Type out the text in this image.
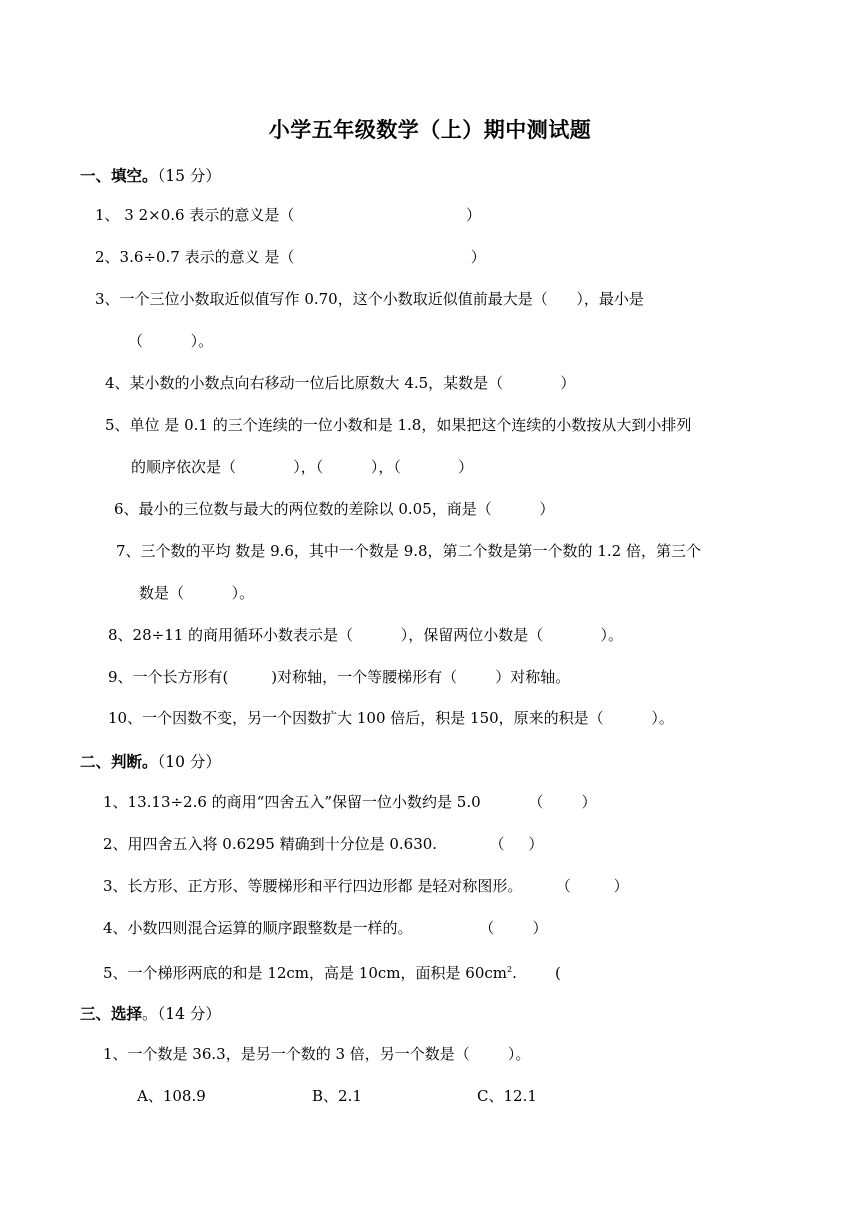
小学五年级数学（上）期中测试题
一、填空。（15 分）
1、 3 2×0.6 表示的意义是（                                    ）
2、3.6÷0.7 表示的意义 是（                                     ）
3、一个三位小数取近似值写作 0.70，这个小数取近似值前最大是（      ），最小是
（          ）。
4、某小数的小数点向右移动一位后比原数大 4.5，某数是（            ）
5、单位 是 0.1 的三个连续的一位小数和是 1.8，如果把这个连续的小数按从大到小排列
的顺序依次是（            ），（          ），（            ）
6、最小的三位数与最大的两位数的差除以 0.05，商是（          ）
7、三个数的平均 数是 9.6，其中一个数是 9.8，第二个数是第一个数的 1.2 倍，第三个
数是（          ）。
8、28÷11 的商用循环小数表示是（          ），保留两位小数是（            ）。
9、一个长方形有(         )对称轴，一个等腰梯形有（        ）对称轴。
10、一个因数不变，另一个因数扩大 100 倍后，积是 150，原来的积是（          ）。
二、判断。（10 分）
1、13.13÷2.6 的商用“四舍五入”保留一位小数约是 5.0          （        ）
2、用四舍五入将 0.6295 精确到十分位是 0.630.           （     ）
3、长方形、正方形、等腰梯形和平行四边形都 是轻对称图形。       （         ）
4、小数四则混合运算的顺序跟整数是一样的。              （        ）
5、一个梯形两底的和是 12cm，高是 10cm，面积是 $60cm^2$.        (
三、选择。（14 分）
1、一个数是 36.3，是另一个数的 3 倍，另一个数是（        ）。
A、108.9	B、2.1	C、12.1
